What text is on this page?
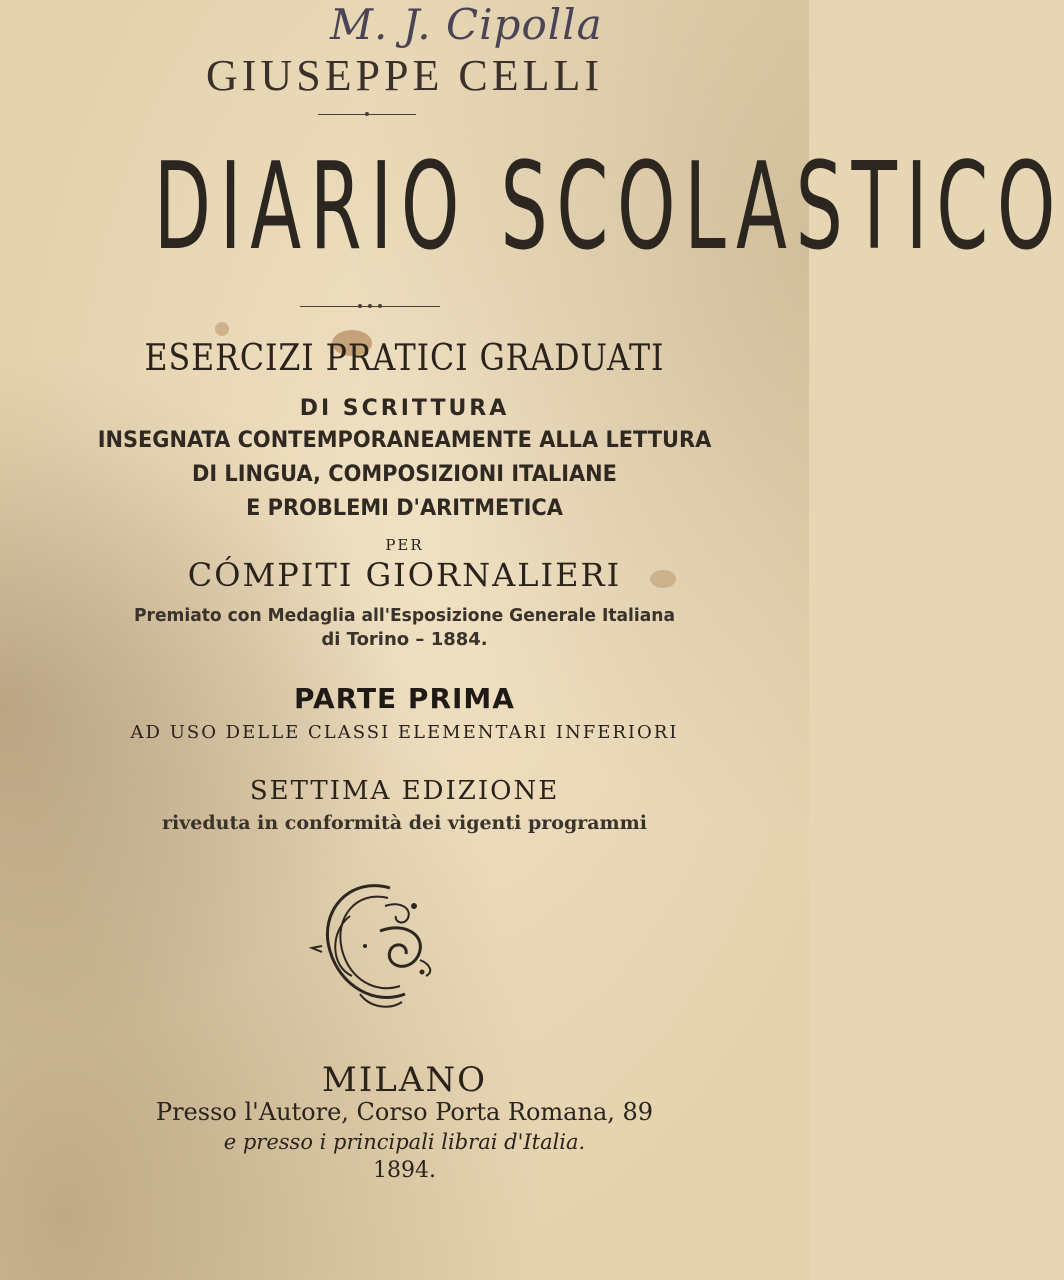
M. J. Cipolla
GIUSEPPE CELLI
DIARIO SCOLASTICO
ESERCIZI PRATICI GRADUATI
DI SCRITTURA
INSEGNATA CONTEMPORANEAMENTE ALLA LETTURA
DI LINGUA, COMPOSIZIONI ITALIANE
E PROBLEMI D'ARITMETICA
PER
CÓMPITI GIORNALIERI
Premiato con Medaglia all'Esposizione Generale Italiana
di Torino – 1884.
PARTE PRIMA
AD USO DELLE CLASSI ELEMENTARI INFERIORI
SETTIMA EDIZIONE
riveduta in conformità dei vigenti programmi
MILANO
Presso l'Autore, Corso Porta Romana, 89
e presso i principali librai d'Italia.
1894.
